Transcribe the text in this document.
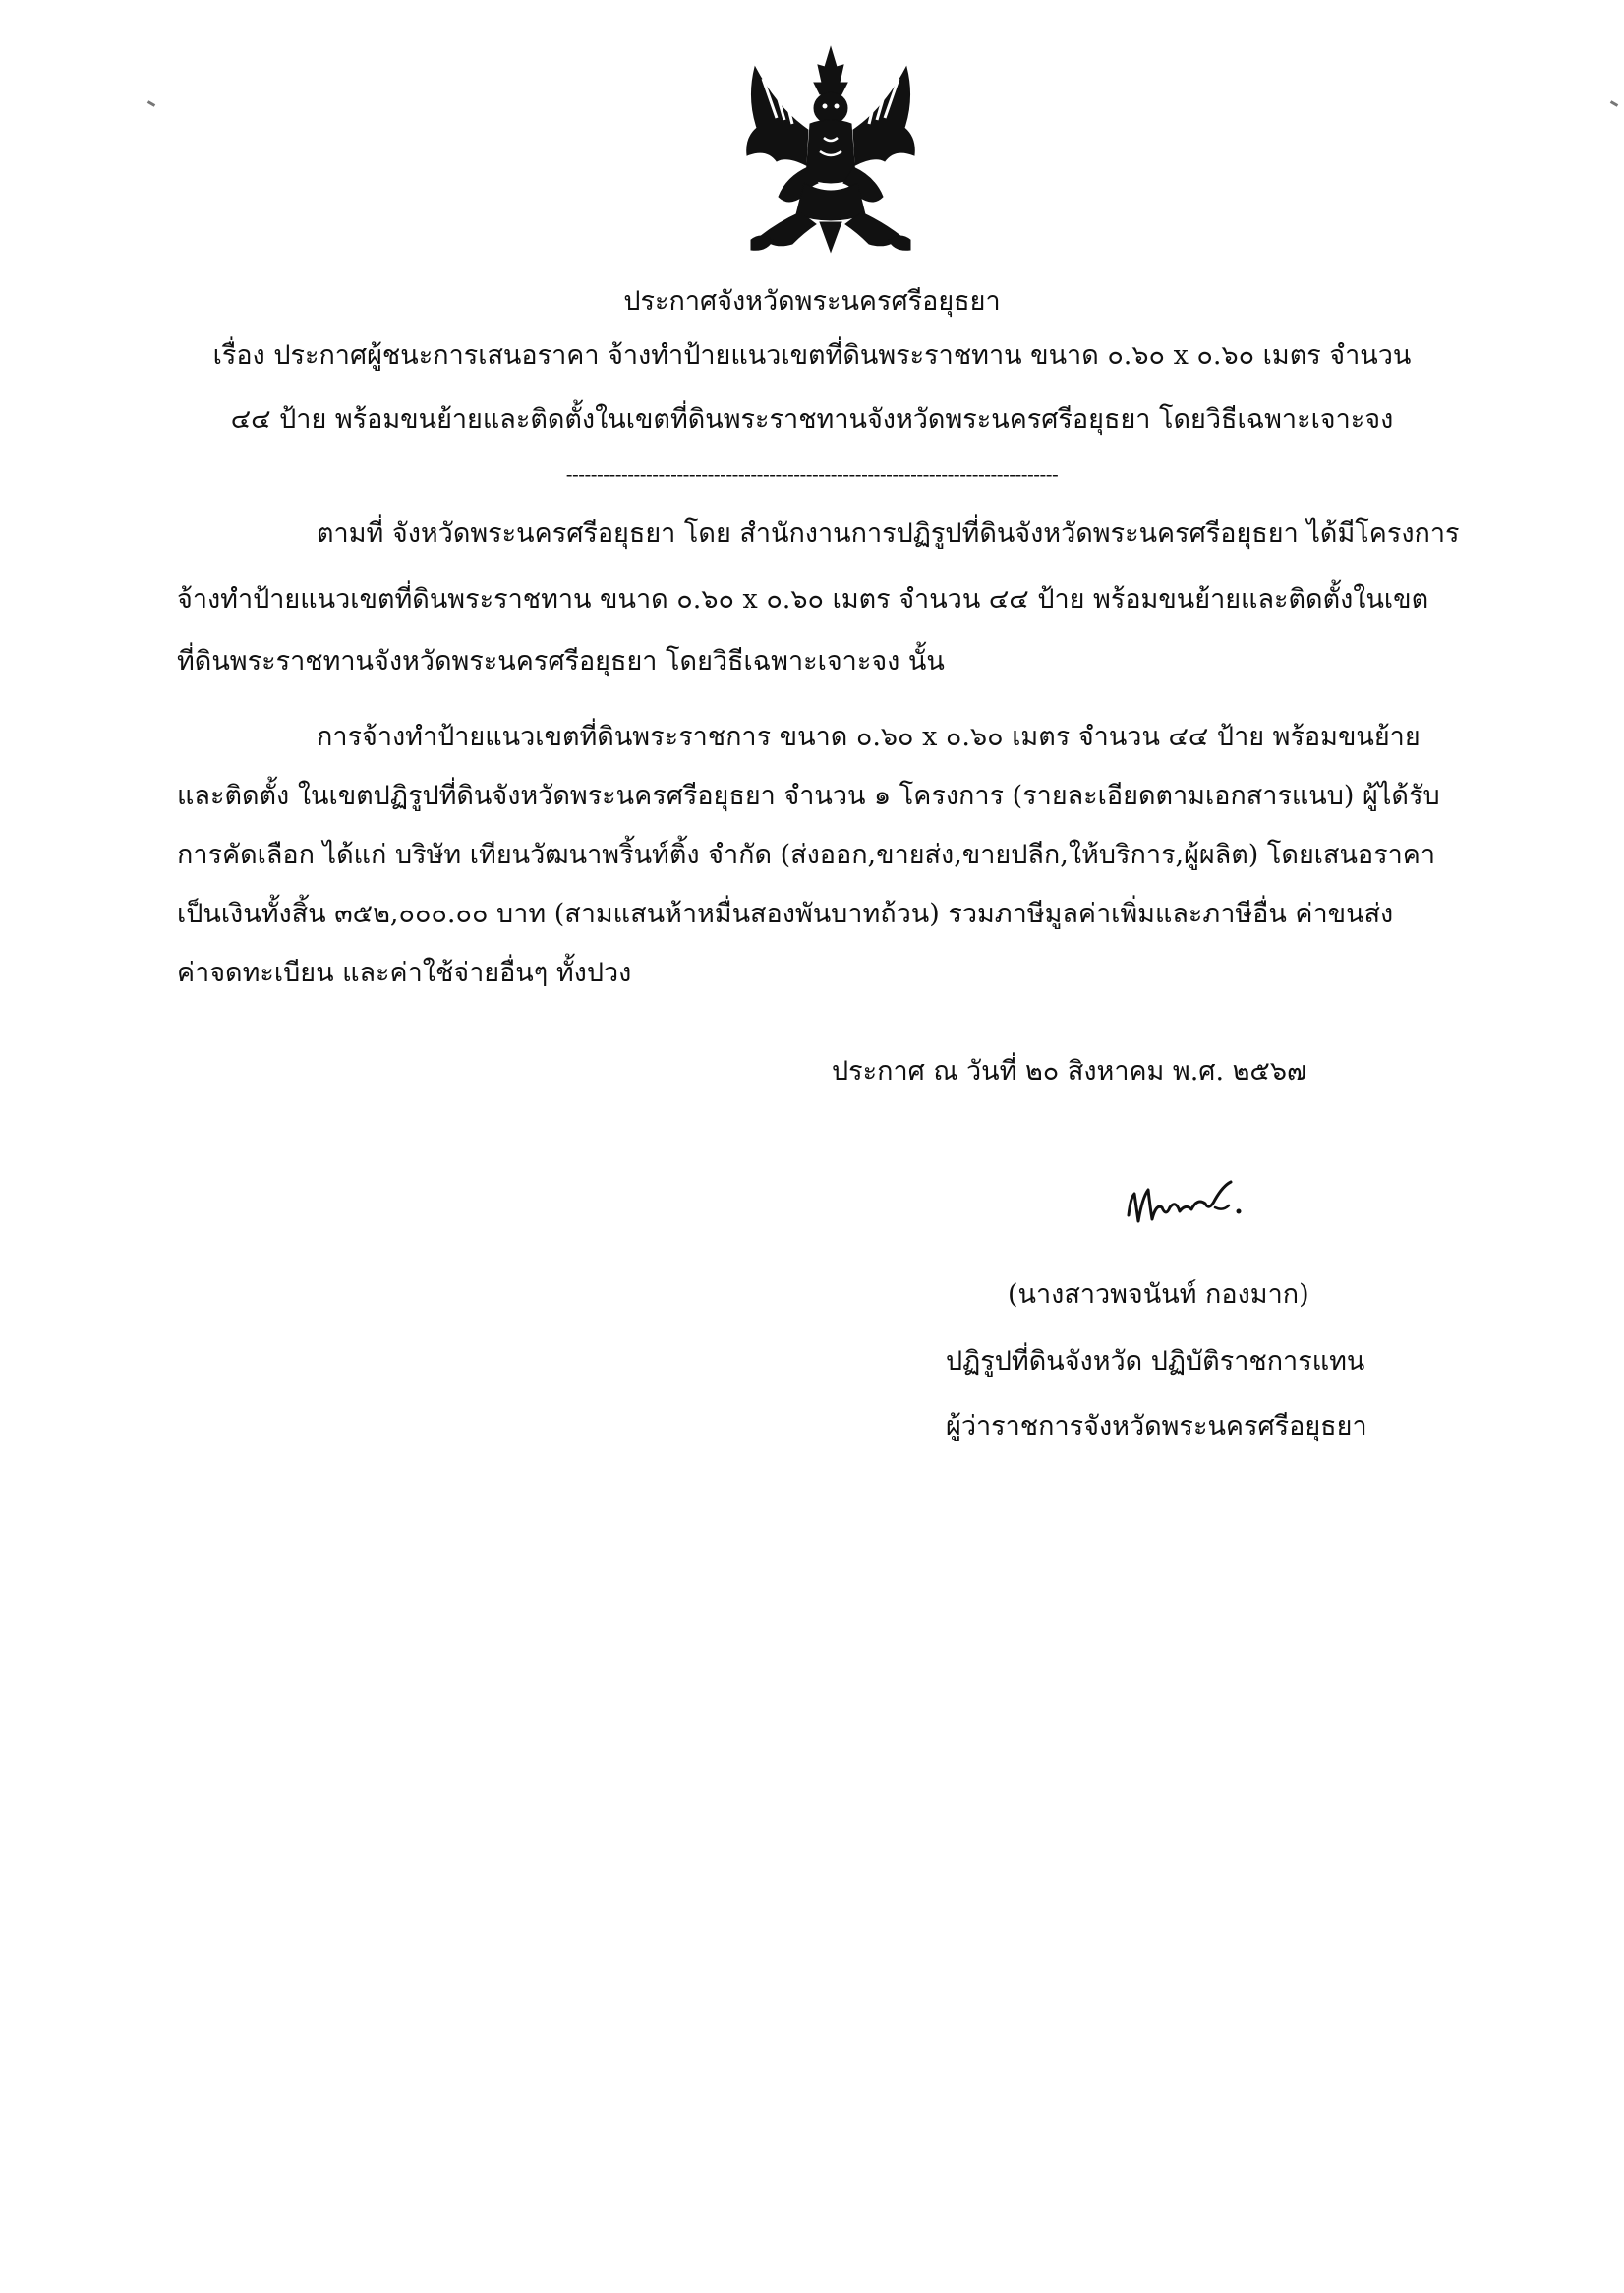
ประกาศจังหวัดพระนครศรีอยุธยา
เรื่อง ประกาศผู้ชนะการเสนอราคา จ้างทำป้ายแนวเขตที่ดินพระราชทาน ขนาด ๐.๖๐ x ๐.๖๐ เมตร จำนวน
๔๔ ป้าย พร้อมขนย้ายและติดตั้งในเขตที่ดินพระราชทานจังหวัดพระนครศรีอยุธยา โดยวิธีเฉพาะเจาะจง
--------------------------------------------------------------------------------
ตามที่ จังหวัดพระนครศรีอยุธยา โดย สำนักงานการปฏิรูปที่ดินจังหวัดพระนครศรีอยุธยา ได้มีโครงการ
จ้างทำป้ายแนวเขตที่ดินพระราชทาน ขนาด ๐.๖๐ x ๐.๖๐ เมตร จำนวน ๔๔ ป้าย พร้อมขนย้ายและติดตั้งในเขต
ที่ดินพระราชทานจังหวัดพระนครศรีอยุธยา โดยวิธีเฉพาะเจาะจง นั้น
การจ้างทำป้ายแนวเขตที่ดินพระราชการ ขนาด ๐.๖๐ x ๐.๖๐ เมตร จำนวน ๔๔ ป้าย พร้อมขนย้าย
และติดตั้ง ในเขตปฏิรูปที่ดินจังหวัดพระนครศรีอยุธยา จำนวน ๑ โครงการ (รายละเอียดตามเอกสารแนบ) ผู้ได้รับ
การคัดเลือก ได้แก่ บริษัท เทียนวัฒนาพริ้นท์ติ้ง จำกัด (ส่งออก,ขายส่ง,ขายปลีก,ให้บริการ,ผู้ผลิต) โดยเสนอราคา
เป็นเงินทั้งสิ้น ๓๕๒,๐๐๐.๐๐ บาท (สามแสนห้าหมื่นสองพันบาทถ้วน) รวมภาษีมูลค่าเพิ่มและภาษีอื่น ค่าขนส่ง
ค่าจดทะเบียน และค่าใช้จ่ายอื่นๆ ทั้งปวง
ประกาศ ณ วันที่ ๒๐ สิงหาคม พ.ศ. ๒๕๖๗
(นางสาวพจนันท์ กองมาก)
ปฏิรูปที่ดินจังหวัด ปฏิบัติราชการแทน
ผู้ว่าราชการจังหวัดพระนครศรีอยุธยา
